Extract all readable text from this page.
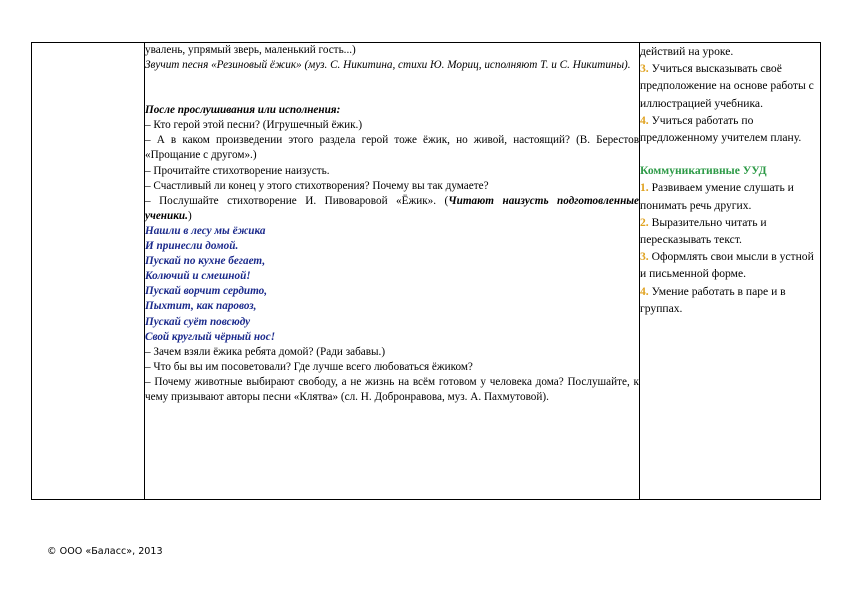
увалень, упрямый зверь, маленький гость...)

Звучит песня «Резиновый ёжик» (муз. С. Никитина, стихи Ю. Мориц, исполняют Т. и С. Никитины).

После прослушивания или исполнения:

– Кто герой этой песни? (Игрушечный ёжик.)

– А в каком произведении этого раздела герой тоже ёжик, но живой, настоящий? (В. Берестов «Прощание с другом».)

– Прочитайте стихотворение наизусть.

– Счастливый ли конец у этого стихотворения? Почему вы так думаете?

– Послушайте стихотворение И. Пивоваровой «Ёжик». (Читают наизусть подготовленные ученики.)

Нашли в лесу мы ёжика

И принесли домой.

Пускай по кухне бегает,

Колючий и смешной!

Пускай ворчит сердито,

Пыхтит, как паровоз,

Пускай суёт повсюду

Свой круглый чёрный нос!

– Зачем взяли ёжика ребята домой? (Ради забавы.)

– Что бы вы им посоветовали? Где лучше всего любоваться ёжиком?

– Почему животные выбирают свободу, а не жизнь на всём готовом у человека дома? Послушайте, к чему призывают авторы песни «Клятва» (сл. Н. Добронравова, муз. А. Пахмутовой).

действий на уроке.

3. Учиться высказывать своё предположение на основе работы с иллюстрацией учебника.

4. Учиться работать по предложенному учителем плану.

Коммуникативные УУД

1. Развиваем умение слушать и понимать речь других.

2. Выразительно читать и пересказывать текст.

3. Оформлять свои мысли в устной и письменной форме.

4. Умение работать в паре и в группах.

© ООО «Баласс», 2013
